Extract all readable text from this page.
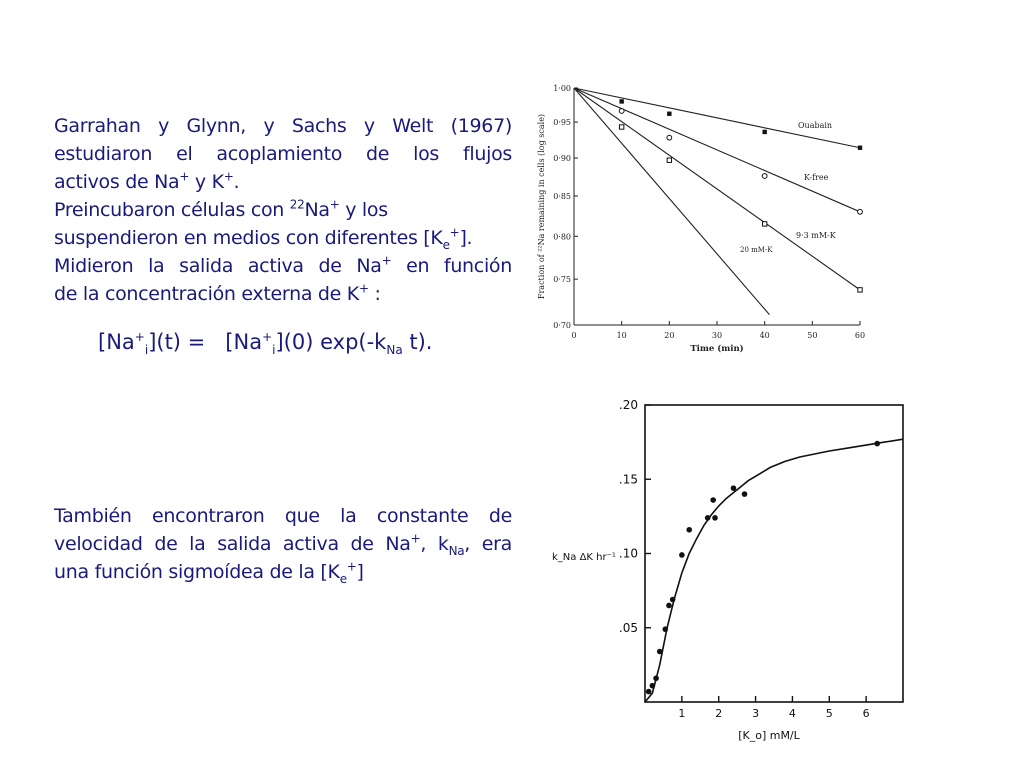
Garrahan y Glynn, y Sachs y Welt (1967)
estudiaron el acoplamiento de los flujos
activos de Na+ y K+.
Preincubaron células con $^{22}$Na+ y los
suspendieron en medios con diferentes $[K_e^+]$.
Midieron la salida activa de Na+ en función
de la concentración externa de K+ :
$[Na^+_i](t) = [Na^+_i](0)$ $\exp(-k_{Na}$ t).
También encontraron que la constante de
velocidad de la salida activa de Na+, $k_{Na}$, era
una función sigmoídea de la $[K_e^+]$
0	10	20	30	40	50	60
1·00
0·95
0·90
0·85
0·80
0·75
0·70
Time (min)
Fraction of ²²Na remaining in cells (log scale)	Ouabain
K-free
9·3 mM-K
20 mM-K
1	2	3	4	5	6
.20
.15
.10
.05
[K_o] mM/L
k_Na ΔK hr⁻¹
